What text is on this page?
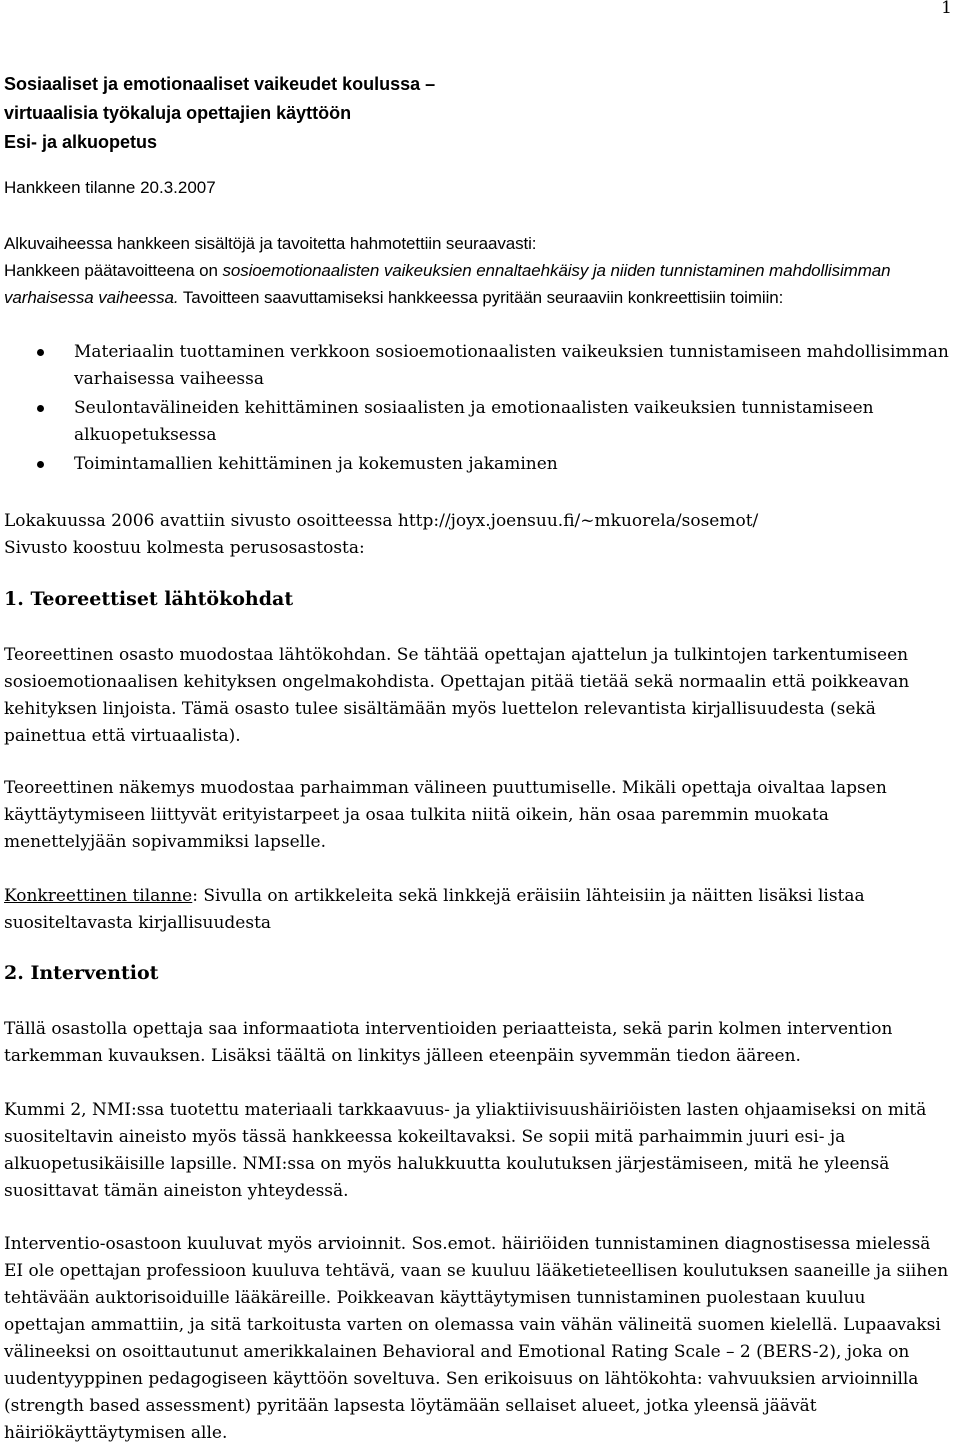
1
Sosiaaliset ja emotionaaliset vaikeudet koulussa –
virtuaalisia työkaluja opettajien käyttöön
Esi- ja alkuopetus
Hankkeen tilanne 20.3.2007
Alkuvaiheessa hankkeen sisältöjä ja tavoitetta hahmotettiin seuraavasti:
Hankkeen päätavoitteena on sosioemotionaalisten vaikeuksien ennaltaehkäisy ja niiden tunnistaminen mahdollisimman varhaisessa vaiheessa. Tavoitteen saavuttamiseksi hankkeessa pyritään seuraaviin konkreettisiin toimiin:
Materiaalin tuottaminen verkkoon sosioemotionaalisten vaikeuksien tunnistamiseen mahdollisimman varhaisessa vaiheessa
Seulontavälineiden kehittäminen sosiaalisten ja emotionaalisten vaikeuksien tunnistamiseen alkuopetuksessa
Toimintamallien kehittäminen ja kokemusten jakaminen
Lokakuussa 2006 avattiin sivusto osoitteessa http://joyx.joensuu.fi/~mkuorela/sosemot/
Sivusto koostuu kolmesta perusosastosta:
1. Teoreettiset lähtökohdat
Teoreettinen osasto muodostaa lähtökohdan. Se tähtää opettajan ajattelun ja tulkintojen tarkentumiseen sosioemotionaalisen kehityksen ongelmakohdista. Opettajan pitää tietää sekä normaalin että poikkeavan kehityksen linjoista. Tämä osasto tulee sisältämään myös luettelon relevantista kirjallisuudesta (sekä painettua että virtuaalista).
Teoreettinen näkemys muodostaa parhaimman välineen puuttumiselle. Mikäli opettaja oivaltaa lapsen käyttäytymiseen liittyvät erityistarpeet ja osaa tulkita niitä oikein, hän osaa paremmin muokata menettelyjään sopivammiksi lapselle.
Konkreettinen tilanne: Sivulla on artikkeleita sekä linkkejä eräisiin lähteisiin ja näitten lisäksi listaa suositeltavasta kirjallisuudesta
2. Interventiot
Tällä osastolla opettaja saa informaatiota interventioiden periaatteista, sekä parin kolmen intervention tarkemman kuvauksen. Lisäksi täältä on linkitys jälleen eteenpäin syvemmän tiedon ääreen.
Kummi 2, NMI:ssa tuotettu materiaali tarkkaavuus- ja yliaktiivisuushäiriöisten lasten ohjaamiseksi on mitä suositeltavin aineisto myös tässä hankkeessa kokeiltavaksi. Se sopii mitä parhaimmin juuri esi- ja alkuopetusikäisille lapsille. NMI:ssa on myös halukkuutta koulutuksen järjestämiseen, mitä he yleensä suosittavat tämän aineiston yhteydessä.
Interventio-osastoon kuuluvat myös arvioinnit. Sos.emot. häiriöiden tunnistaminen diagnostisessa mielessä EI ole opettajan professioon kuuluva tehtävä, vaan se kuuluu lääketieteellisen koulutuksen saaneille ja siihen tehtävään auktorisoiduille lääkäreille. Poikkeavan käyttäytymisen tunnistaminen puolestaan kuuluu opettajan ammattiin, ja sitä tarkoitusta varten on olemassa vain vähän välineitä suomen kielellä. Lupaavaksi välineeksi on osoittautunut amerikkalainen Behavioral and Emotional Rating Scale – 2 (BERS-2), joka on uudentyyppinen pedagogiseen käyttöön soveltuva. Sen erikoisuus on lähtökohta: vahvuuksien arvioinnilla (strength based assessment) pyritään lapsesta löytämään sellaiset alueet, jotka yleensä jäävät häiriökäyttäytymisen alle.
